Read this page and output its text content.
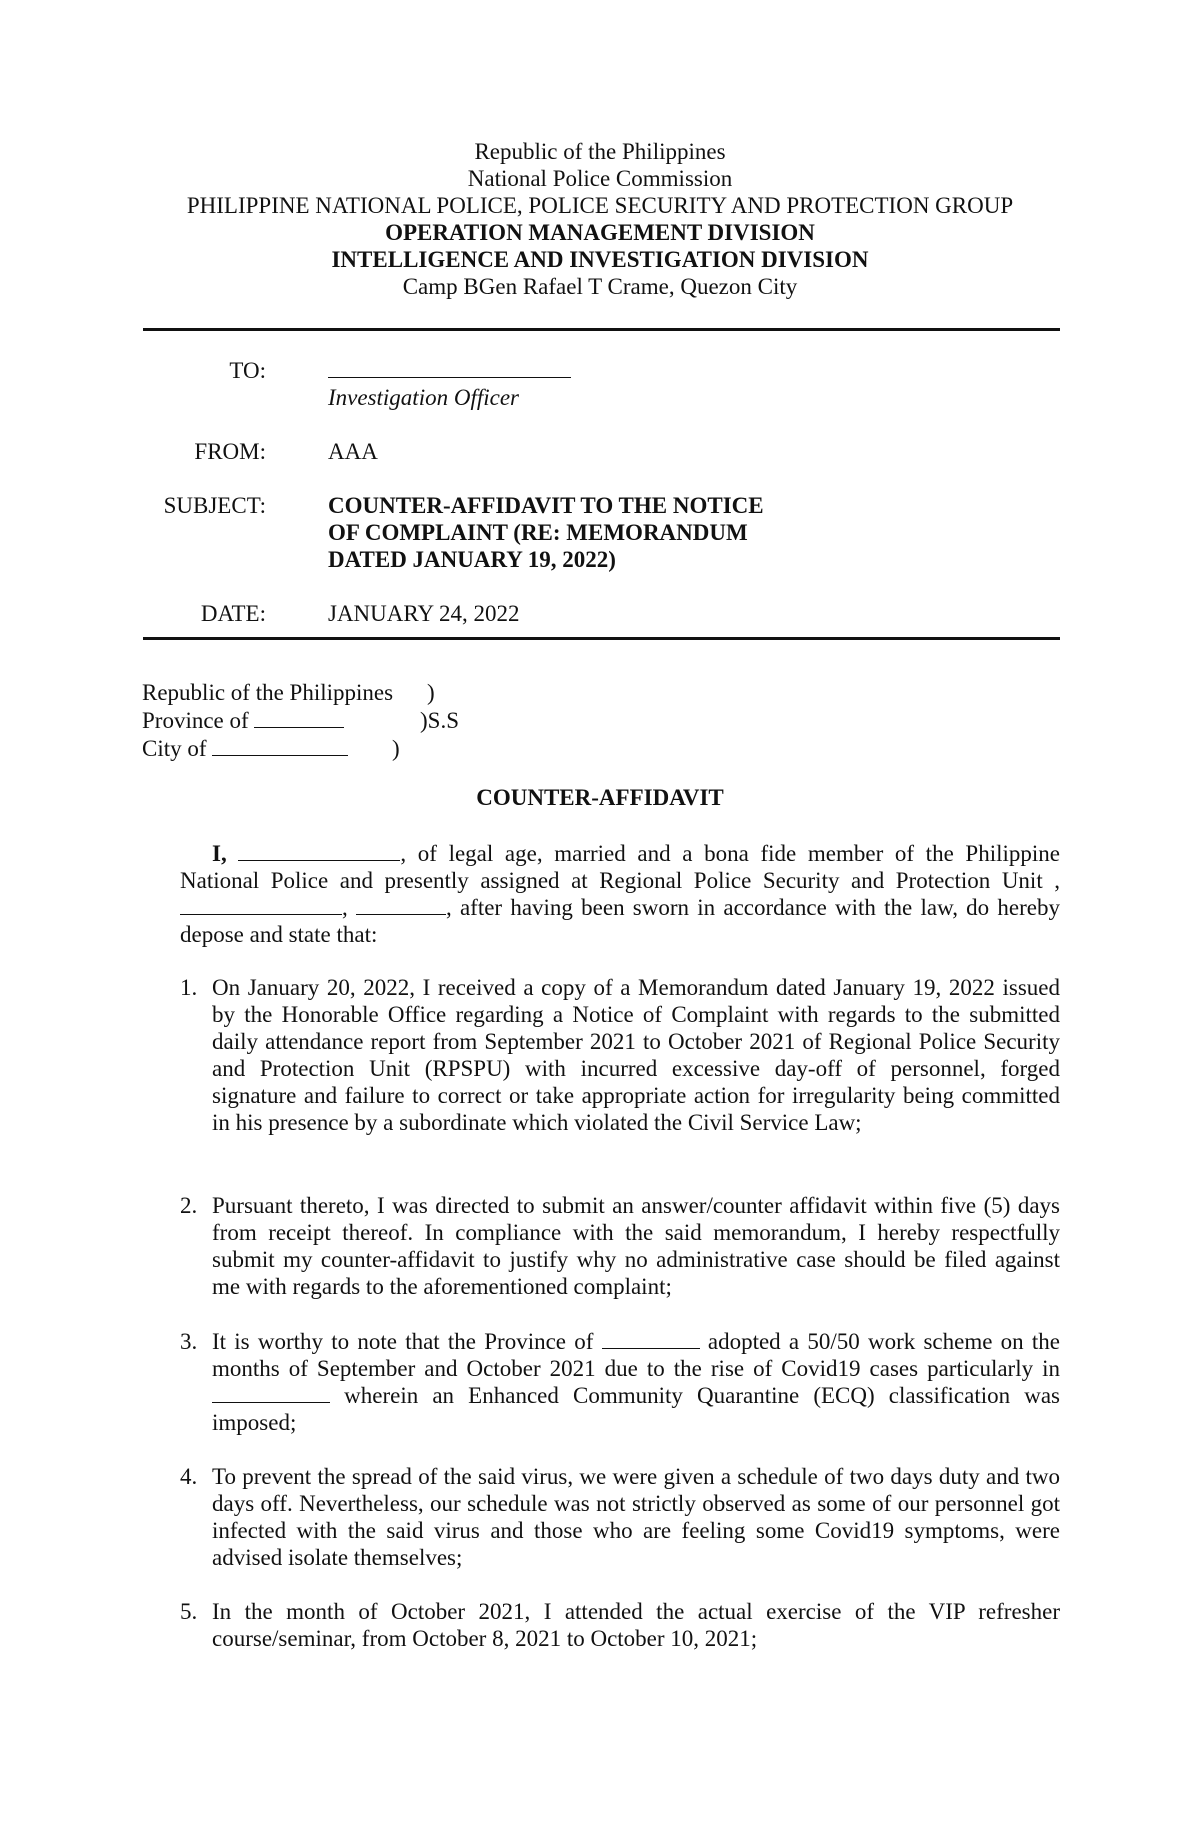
Republic of the Philippines
National Police Commission
PHILIPPINE NATIONAL POLICE, POLICE SECURITY AND PROTECTION GROUP
OPERATION MANAGEMENT DIVISION
INTELLIGENCE AND INVESTIGATION DIVISION
Camp BGen Rafael T Crame, Quezon City
TO:
Investigation Officer
FROM:	AAA
SUBJECT:	COUNTER-AFFIDAVIT TO THE NOTICE
OF COMPLAINT (RE: MEMORANDUM
DATED JANUARY 19, 2022)
DATE:	JANUARY 24, 2022
Republic of the Philippines )
Province of	)S.S
City of	)
COUNTER-AFFIDAVIT
I,	, of legal age, married and a bona fide member of the Philippine National Police and presently assigned at Regional Police Security and Protection Unit , ,	, after having been sworn in accordance with the law, do hereby depose and state that:
1. On January 20, 2022, I received a copy of a Memorandum dated January 19, 2022 issued by the Honorable Office regarding a Notice of Complaint with regards to the submitted daily attendance report from September 2021 to October 2021 of Regional Police Security and Protection Unit (RPSPU) with incurred excessive day-off of personnel, forged signature and failure to correct or take appropriate action for irregularity being committed in his presence by a subordinate which violated the Civil Service Law;
2. Pursuant thereto, I was directed to submit an answer/counter affidavit within five (5) days from receipt thereof. In compliance with the said memorandum, I hereby respectfully submit my counter-affidavit to justify why no administrative case should be filed against me with regards to the aforementioned complaint;
3. It is worthy to note that the Province of	adopted a 50/50 work scheme on the months of September and October 2021 due to the rise of Covid19 cases particularly in  wherein an Enhanced Community Quarantine (ECQ) classification was imposed;
4. To prevent the spread of the said virus, we were given a schedule of two days duty and two days off. Nevertheless, our schedule was not strictly observed as some of our personnel got infected with the said virus and those who are feeling some Covid19 symptoms, were advised isolate themselves;
5. In the month of October 2021, I attended the actual exercise of the VIP refresher course/seminar, from October 8, 2021 to October 10, 2021;
